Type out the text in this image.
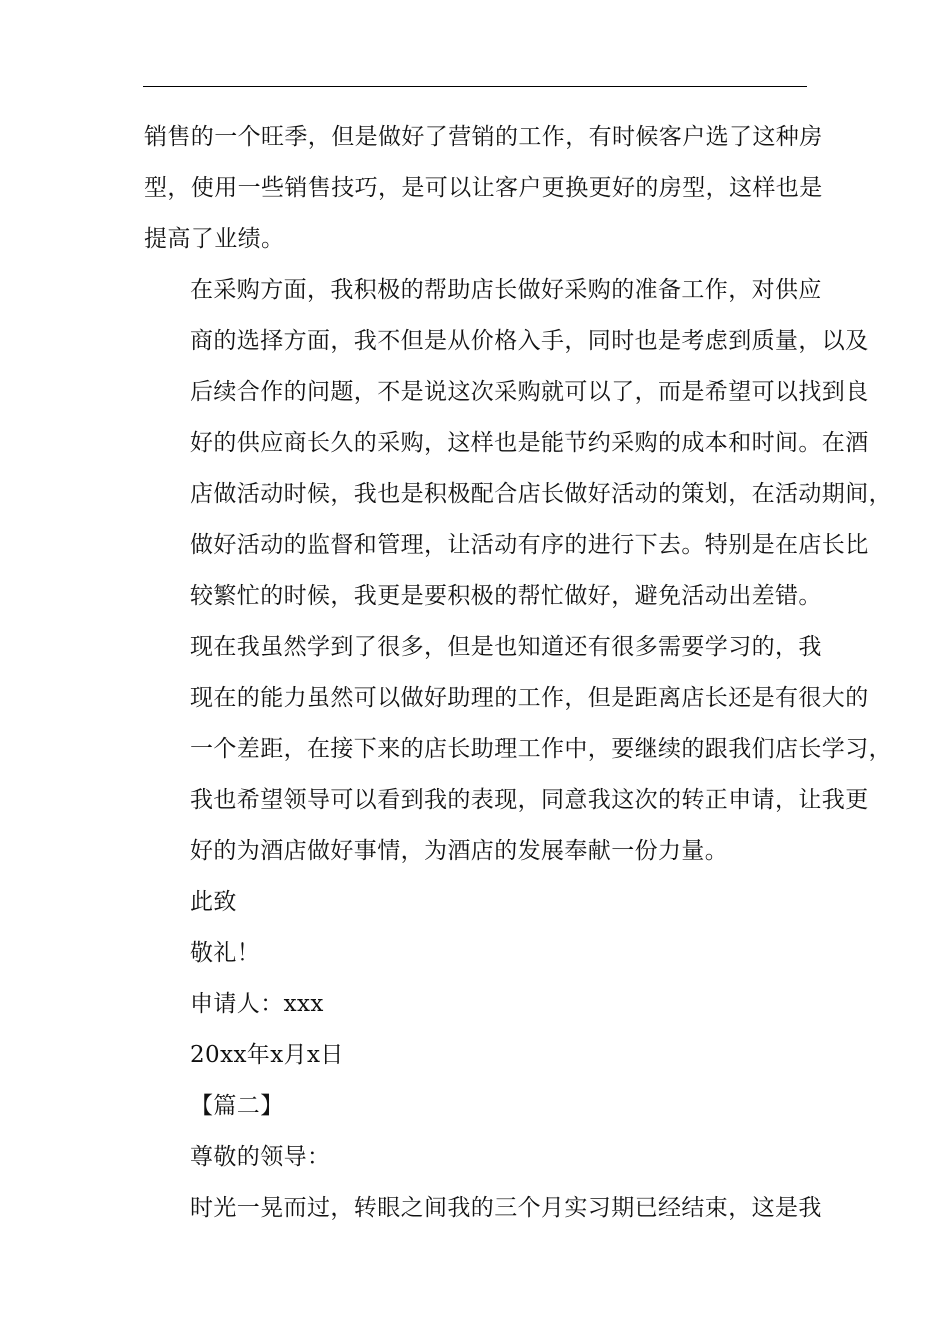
销售的一个旺季，但是做好了营销的工作，有时候客户选了这种房
型，使用一些销售技巧，是可以让客户更换更好的房型，这样也是
提高了业绩。

在采购方面，我积极的帮助店长做好采购的准备工作，对供应
商的选择方面，我不但是从价格入手，同时也是考虑到质量，以及
后续合作的问题，不是说这次采购就可以了，而是希望可以找到良
好的供应商长久的采购，这样也是能节约采购的成本和时间。在酒
店做活动时候，我也是积极配合店长做好活动的策划，在活动期间，
做好活动的监督和管理，让活动有序的进行下去。特别是在店长比
较繁忙的时候，我更是要积极的帮忙做好，避免活动出差错。

现在我虽然学到了很多，但是也知道还有很多需要学习的，我
现在的能力虽然可以做好助理的工作，但是距离店长还是有很大的
一个差距，在接下来的店长助理工作中，要继续的跟我们店长学习，
我也希望领导可以看到我的表现，同意我这次的转正申请，让我更
好的为酒店做好事情，为酒店的发展奉献一份力量。

此致

敬礼！

申请人：xxx

20xx年x月x日

【篇二】

尊敬的领导：

时光一晃而过，转眼之间我的三个月实习期已经结束，这是我
